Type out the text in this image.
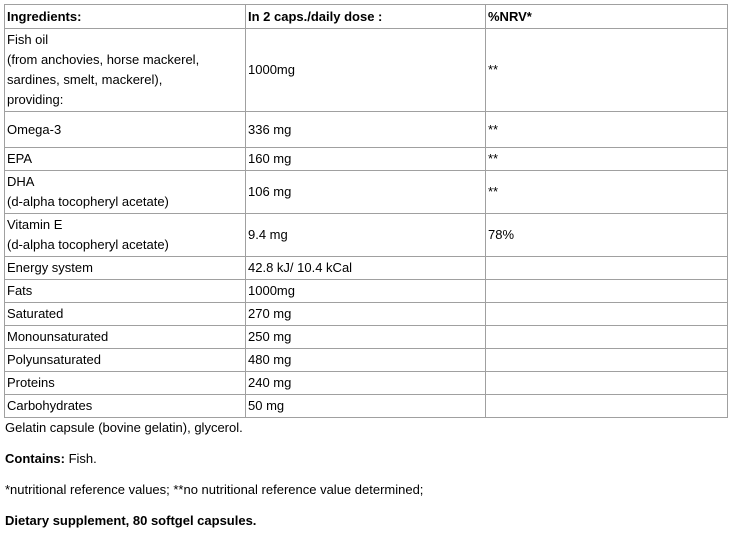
Ingredients:	In 2 caps./daily dose :	%NRV*
Fish oil
(from anchovies, horse mackerel,
sardines, smelt, mackerel),
providing:	1000mg	**
Omega-3	336 mg	**
EPA	160 mg	**
DHA
(d-alpha tocopheryl acetate)	106 mg	**
Vitamin E
(d-alpha tocopheryl acetate)	9.4 mg	78%
Energy system	42.8 kJ/ 10.4 kCal	
Fats	1000mg	
Saturated	270 mg	
Monounsaturated	250 mg	
Polyunsaturated	480 mg	
Proteins	240 mg	
Carbohydrates	50 mg	

Gelatin capsule (bovine gelatin), glycerol.

Contains: Fish.

*nutritional reference values; **no nutritional reference value determined;

Dietary supplement, 80 softgel capsules.
